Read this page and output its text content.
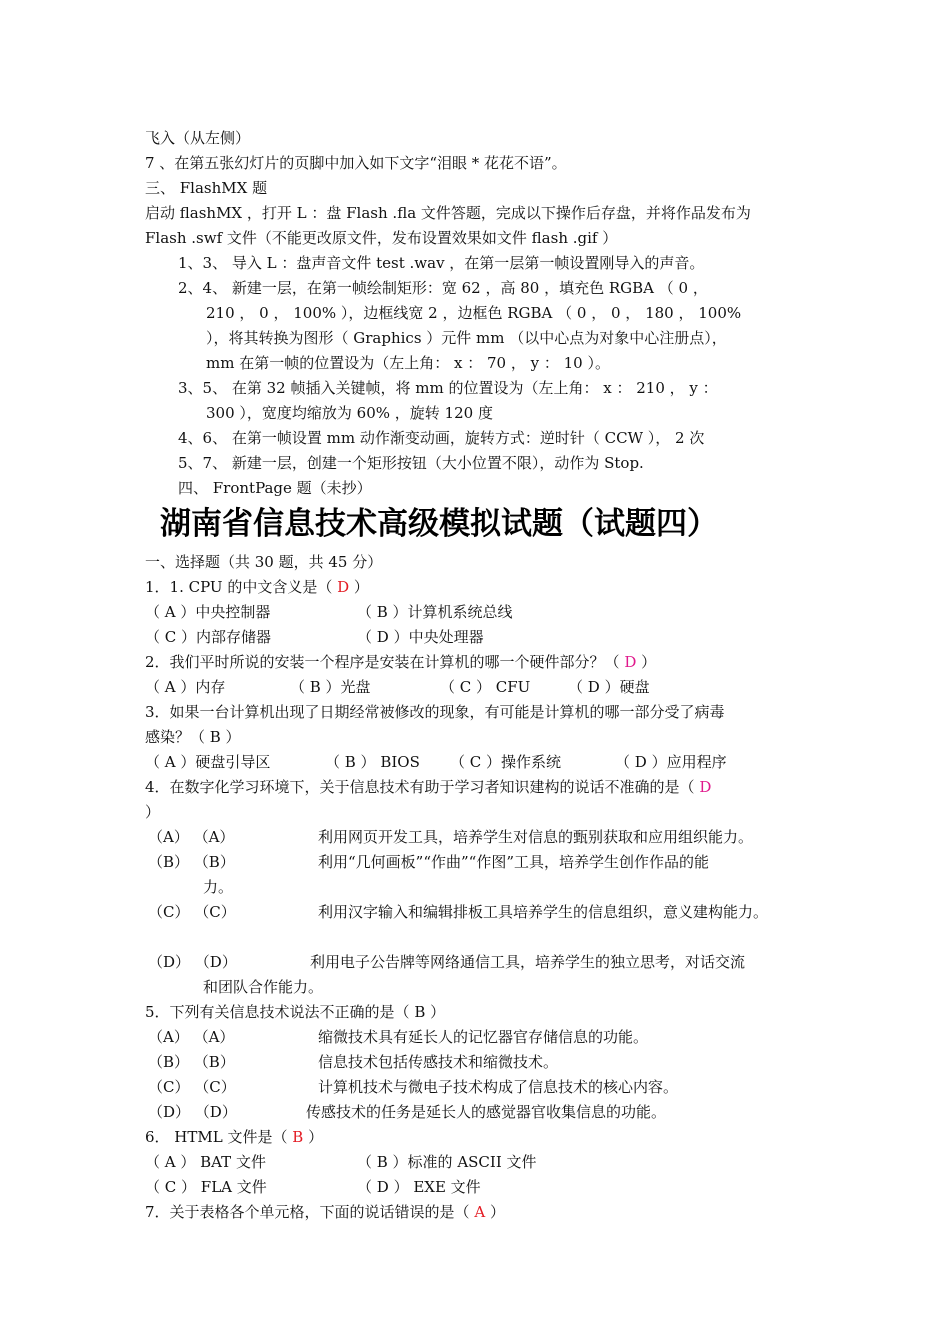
飞入（从左侧）
7 、在第五张幻灯片的页脚中加入如下文字“泪眼 * 花花不语”。
三、 FlashMX 题
启动 flashMX ，打开 L ：盘 Flash .fla 文件答题，完成以下操作后存盘，并将作品发布为
Flash .swf 文件（不能更改原文件，发布设置效果如文件 flash .gif ）
1、3、 导入 L ：盘声音文件 test .wav ，在第一层第一帧设置刚导入的声音。
2、4、 新建一层，在第一帧绘制矩形：宽 62 ，高 80 ，填充色 RGBA （ 0 ，
210 ， 0 ， 100% ），边框线宽 2 ，边框色 RGBA （ 0 ， 0 ， 180 ， 100%
），将其转换为图形（ Graphics ）元件 mm （以中心点为对象中心注册点），
mm 在第一帧的位置设为（左上角： x ： 70 ， y ： 10 ）。
3、5、 在第 32 帧插入关键帧，将 mm 的位置设为（左上角： x ： 210 ， y ：
300 ），宽度均缩放为 60% ，旋转 120 度
4、6、 在第一帧设置 mm 动作渐变动画，旋转方式：逆时针（ CCW ）， 2 次
5、7、 新建一层，创建一个矩形按钮（大小位置不限），动作为 Stop.
四、 FrontPage 题（未抄）
湖南省信息技术高级模拟试题（试题四）
一、选择题（共 30 题，共 45 分）
1．1. CPU 的中文含义是（ D ）
（ A ）中央控制器	（ B ）计算机系统总线
（ C ）内部存储器	（ D ）中央处理器
2．我们平时所说的安装一个程序是安装在计算机的哪一个硬件部分？（ D ）
（ A ）内存	（ B ）光盘	（ C ） CFU	（ D ）硬盘
3．如果一台计算机出现了日期经常被修改的现象，有可能是计算机的哪一部分受了病毒
感染？（ B ）
（ A ）硬盘引导区	（ B ） BIOS （ C ）操作系统	（ D ）应用程序
4．在数字化学习环境下，关于信息技术有助于学习者知识建构的说话不准确的是（ D
）
（A） （A）	利用网页开发工具，培养学生对信息的甄别获取和应用组织能力。
（B） （B）	利用“几何画板”“作曲”“作图”工具，培养学生创作作品的能
力。
（C） （C）	利用汉字输入和编辑排板工具培养学生的信息组织，意义建构能力。
（D） （D）	利用电子公告牌等网络通信工具，培养学生的独立思考，对话交流
和团队合作能力。
5．下列有关信息技术说法不正确的是（ B ）
（A） （A）	缩微技术具有延长人的记忆器官存储信息的功能。
（B） （B）	信息技术包括传感技术和缩微技术。
（C） （C）	计算机技术与微电子技术构成了信息技术的核心内容。
（D） （D）	传感技术的任务是延长人的感觉器官收集信息的功能。
6． HTML 文件是（ B ）
（ A ） BAT 文件	（ B ）标准的 ASCII 文件
（ C ） FLA 文件	（ D ） EXE 文件
7．关于表格各个单元格，下面的说话错误的是（ A ）
